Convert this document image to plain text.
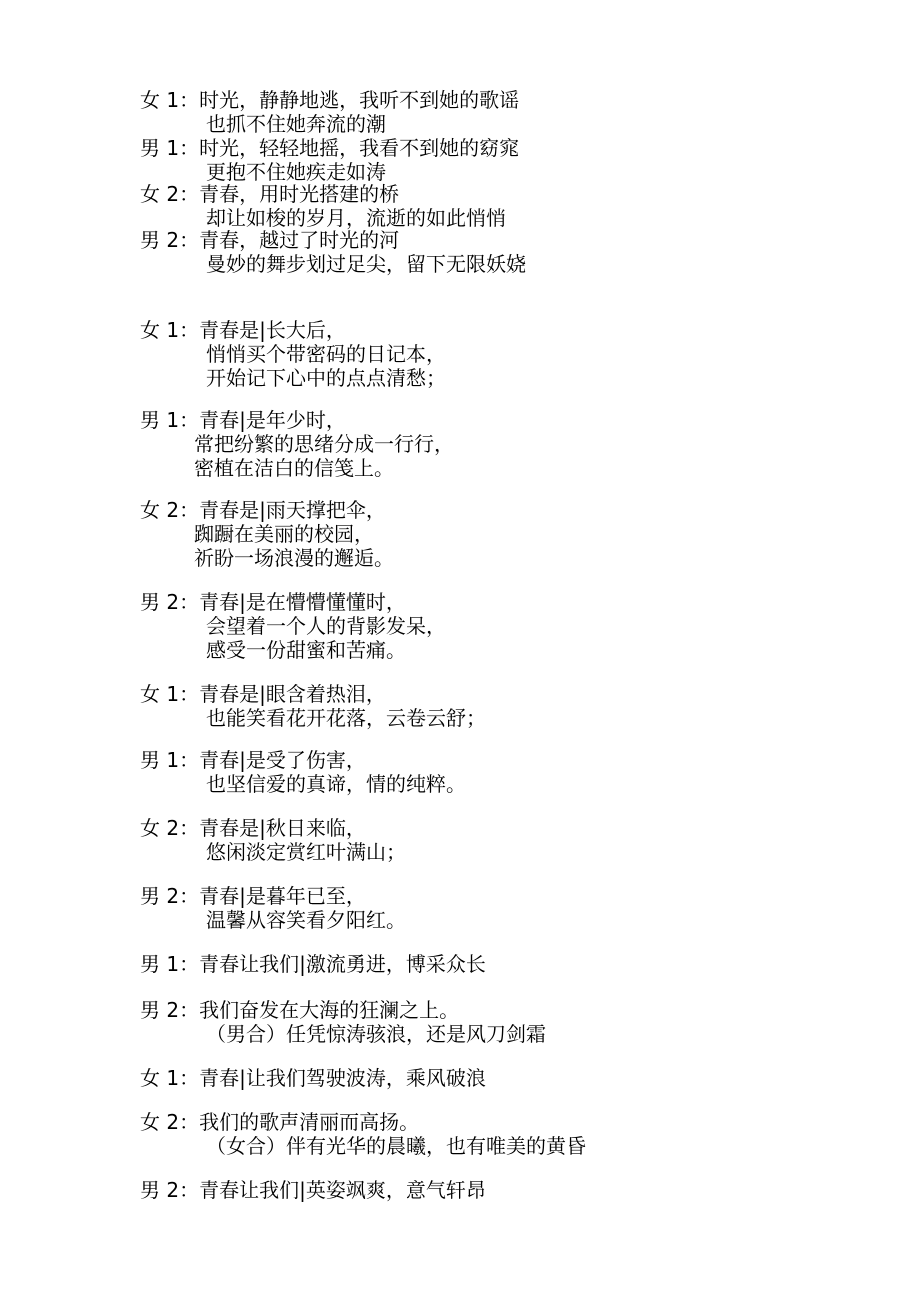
女 1：时光，静静地逃，我听不到她的歌谣
也抓不住她奔流的潮
男 1：时光，轻轻地摇，我看不到她的窈窕
更抱不住她疾走如涛
女 2：青春，用时光搭建的桥
却让如梭的岁月，流逝的如此悄悄
男 2：青春，越过了时光的河
曼妙的舞步划过足尖，留下无限妖娆
女 1：青春是|长大后，
悄悄买个带密码的日记本，
开始记下心中的点点清愁；
男 1：青春|是年少时，
常把纷繁的思绪分成一行行，
密植在洁白的信笺上。
女 2：青春是|雨天撑把伞，
踟蹰在美丽的校园，
祈盼一场浪漫的邂逅。
男 2：青春|是在懵懵懂懂时，
会望着一个人的背影发呆，
感受一份甜蜜和苦痛。
女 1：青春是|眼含着热泪，
也能笑看花开花落，云卷云舒；
男 1：青春|是受了伤害，
也坚信爱的真谛，情的纯粹。
女 2：青春是|秋日来临，
悠闲淡定赏红叶满山；
男 2：青春|是暮年已至，
温馨从容笑看夕阳红。
男 1：青春让我们|激流勇进，博采众长
男 2：我们奋发在大海的狂澜之上。
（男合）任凭惊涛骇浪，还是风刀剑霜
女 1：青春|让我们驾驶波涛，乘风破浪
女 2：我们的歌声清丽而高扬。
（女合）伴有光华的晨曦，也有唯美的黄昏
男 2：青春让我们|英姿飒爽，意气轩昂
